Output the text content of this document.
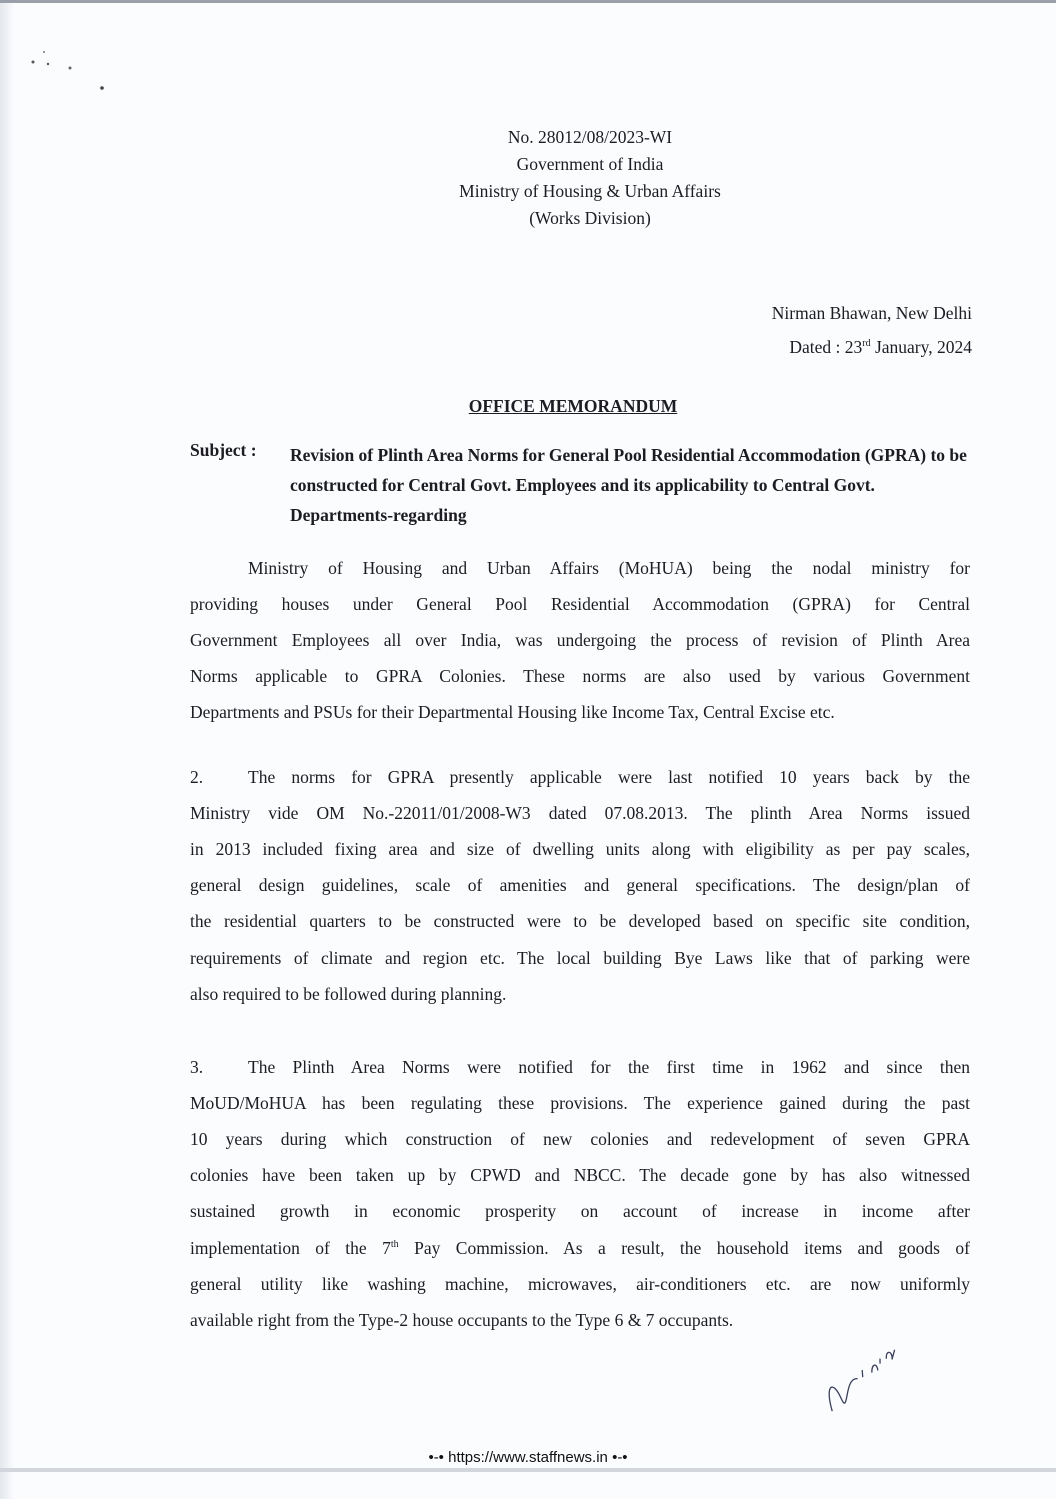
No. 28012/08/2023-WI
Government of India
Ministry of Housing & Urban Affairs
(Works Division)
Nirman Bhawan, New Delhi
Dated : 23rd January, 2024
OFFICE MEMORANDUM
Subject : Revision of Plinth Area Norms for General Pool Residential Accommodation (GPRA) to be constructed for Central Govt. Employees and its applicability to Central Govt. Departments-regarding
Ministry of Housing and Urban Affairs (MoHUA) being the nodal ministry for
providing houses under General Pool Residential Accommodation (GPRA) for Central
Government Employees all over India, was undergoing the process of revision of Plinth Area
Norms applicable to GPRA Colonies. These norms are also used by various Government
Departments and PSUs for their Departmental Housing like Income Tax, Central Excise etc.
2.	The norms for GPRA presently applicable were last notified 10 years back by the
Ministry vide OM No.-22011/01/2008-W3 dated 07.08.2013. The plinth Area Norms issued
in 2013 included fixing area and size of dwelling units along with eligibility as per pay scales,
general design guidelines, scale of amenities and general specifications. The design/plan of
the residential quarters to be constructed were to be developed based on specific site condition,
requirements of climate and region etc. The local building Bye Laws like that of parking were
also required to be followed during planning.
3.	The Plinth Area Norms were notified for the first time in 1962 and since then
MoUD/MoHUA has been regulating these provisions. The experience gained during the past
10 years during which construction of new colonies and redevelopment of seven GPRA
colonies have been taken up by CPWD and NBCC. The decade gone by has also witnessed
sustained growth in economic prosperity on account of increase in income after
implementation of the 7th Pay Commission. As a result, the household items and goods of
general utility like washing machine, microwaves, air-conditioners etc. are now uniformly
available right from the Type-2 house occupants to the Type 6 & 7 occupants.
•-• https://www.staffnews.in •-•
